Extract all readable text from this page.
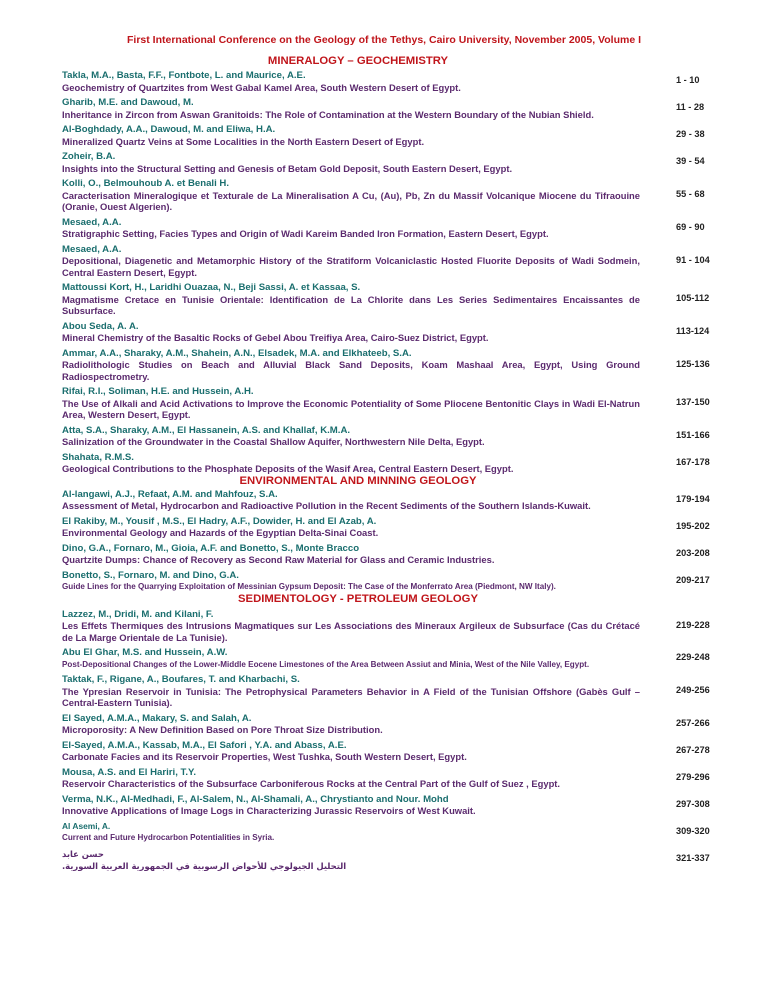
First International Conference on the Geology of the Tethys, Cairo University, November 2005, Volume I
MINERALOGY – GEOCHEMISTRY
Takla, M.A., Basta, F.F., Fontbote, L. and Maurice, A.E.
Geochemistry of Quartzites from West Gabal Kamel Area, South Western Desert of Egypt.
1 - 10
Gharib, M.E. and Dawoud, M.
Inheritance in Zircon from Aswan Granitoids: The Role of Contamination at the Western Boundary of the Nubian Shield.
11 - 28
Al-Boghdady, A.A., Dawoud, M. and Eliwa, H.A.
Mineralized Quartz Veins at Some Localities in the North Eastern Desert of Egypt.
29 - 38
Zoheir, B.A.
Insights into the Structural Setting and Genesis of Betam Gold Deposit, South Eastern Desert, Egypt.
39 - 54
Kolli, O., Belmouhoub A. et Benali H.
Caracterisation Mineralogique et Texturale de La Mineralisation A Cu, (Au), Pb, Zn du Massif Volcanique Miocene du Tifraouine (Oranie, Ouest Algerien).
55 - 68
Mesaed, A.A.
Stratigraphic Setting, Facies Types and Origin of Wadi Kareim Banded Iron Formation, Eastern Desert, Egypt.
69 - 90
Mesaed, A.A.
Depositional, Diagenetic and Metamorphic History of the Stratiform Volcaniclastic Hosted Fluorite Deposits of Wadi Sodmein, Central Eastern Desert, Egypt.
91 - 104
Mattoussi Kort, H., Laridhi Ouazaa, N., Beji Sassi, A. et Kassaa, S.
Magmatisme Cretace en Tunisie Orientale: Identification de La Chlorite dans Les Series Sedimentaires Encaissantes de Subsurface.
105-112
Abou Seda, A. A.
Mineral Chemistry of the Basaltic Rocks of Gebel Abou Treifiya Area, Cairo-Suez District, Egypt.
113-124
Ammar, A.A., Sharaky, A.M., Shahein, A.N., Elsadek, M.A. and Elkhateeb, S.A.
Radiolithologic Studies on Beach and Alluvial Black Sand Deposits, Koam Mashaal Area, Egypt, Using Ground Radiospectrometry.
125-136
Rifai, R.I., Soliman, H.E. and Hussein, A.H.
The Use of Alkali and Acid Activations to Improve the Economic Potentiality of Some Pliocene Bentonitic Clays in Wadi El-Natrun Area, Western Desert, Egypt.
137-150
Atta, S.A., Sharaky, A.M., El Hassanein, A.S. and Khallaf, K.M.A.
Salinization of the Groundwater in the Coastal Shallow Aquifer, Northwestern Nile Delta, Egypt.
151-166
Shahata, R.M.S.
Geological Contributions to the Phosphate Deposits of the Wasif Area, Central Eastern Desert, Egypt.
167-178
ENVIRONMENTAL AND MINNING GEOLOGY
Al-langawi, A.J., Refaat, A.M. and Mahfouz, S.A.
Assessment of Metal, Hydrocarbon and Radioactive Pollution in the Recent Sediments of the Southern Islands-Kuwait.
179-194
El Rakiby, M., Yousif , M.S., El Hadry, A.F., Dowider, H. and El Azab, A.
Environmental Geology and Hazards of the Egyptian Delta-Sinai Coast.
195-202
Dino, G.A., Fornaro, M., Gioia, A.F. and Bonetto, S., Monte Bracco
Quartzite Dumps: Chance of Recovery as Second Raw Material for Glass and Ceramic Industries.
203-208
Bonetto, S., Fornaro, M. and Dino, G.A.
Guide Lines for the Quarrying Exploitation of Messinian Gypsum Deposit: The Case of the Monferrato Area (Piedmont, NW Italy).
209-217
SEDIMENTOLOGY - PETROLEUM GEOLOGY
Lazzez, M., Dridi, M. and Kilani, F.
Les Effets Thermiques des Intrusions Magmatiques sur Les Associations des Mineraux Argileux de Subsurface (Cas du Crétacé de La Marge Orientale de La Tunisie).
219-228
Abu El Ghar, M.S. and Hussein, A.W.
Post-Depositional Changes of the Lower-Middle Eocene Limestones of the Area Between Assiut and Minia, West of the Nile Valley, Egypt.
229-248
Taktak, F., Rigane, A., Boufares, T. and Kharbachi, S.
The Ypresian Reservoir in Tunisia: The Petrophysical Parameters Behavior in A Field of the Tunisian Offshore (Gabès Gulf – Central-Eastern Tunisia).
249-256
El Sayed, A.M.A., Makary, S. and Salah, A.
Microporosity: A New Definition Based on Pore Throat Size Distribution.
257-266
El-Sayed, A.M.A., Kassab, M.A., El Safori , Y.A. and Abass, A.E.
Carbonate Facies and its Reservoir Properties, West Tushka, South Western Desert, Egypt.
267-278
Mousa, A.S. and El Hariri, T.Y.
Reservoir Characteristics of the Subsurface Carboniferous Rocks at the Central Part of the Gulf of Suez , Egypt.
279-296
Verma, N.K., Al-Medhadi, F., Al-Salem, N., Al-Shamali, A., Chrystianto and Nour. Mohd
Innovative Applications of Image Logs in Characterizing Jurassic Reservoirs of West Kuwait.
297-308
Al Asemi, A.
Current and Future Hydrocarbon Potentialities in Syria.
309-320
حسن عابد
التحليل الجيولوجي للأحواض الرسوبية في الجمهورية العربية السورية.
321-337
